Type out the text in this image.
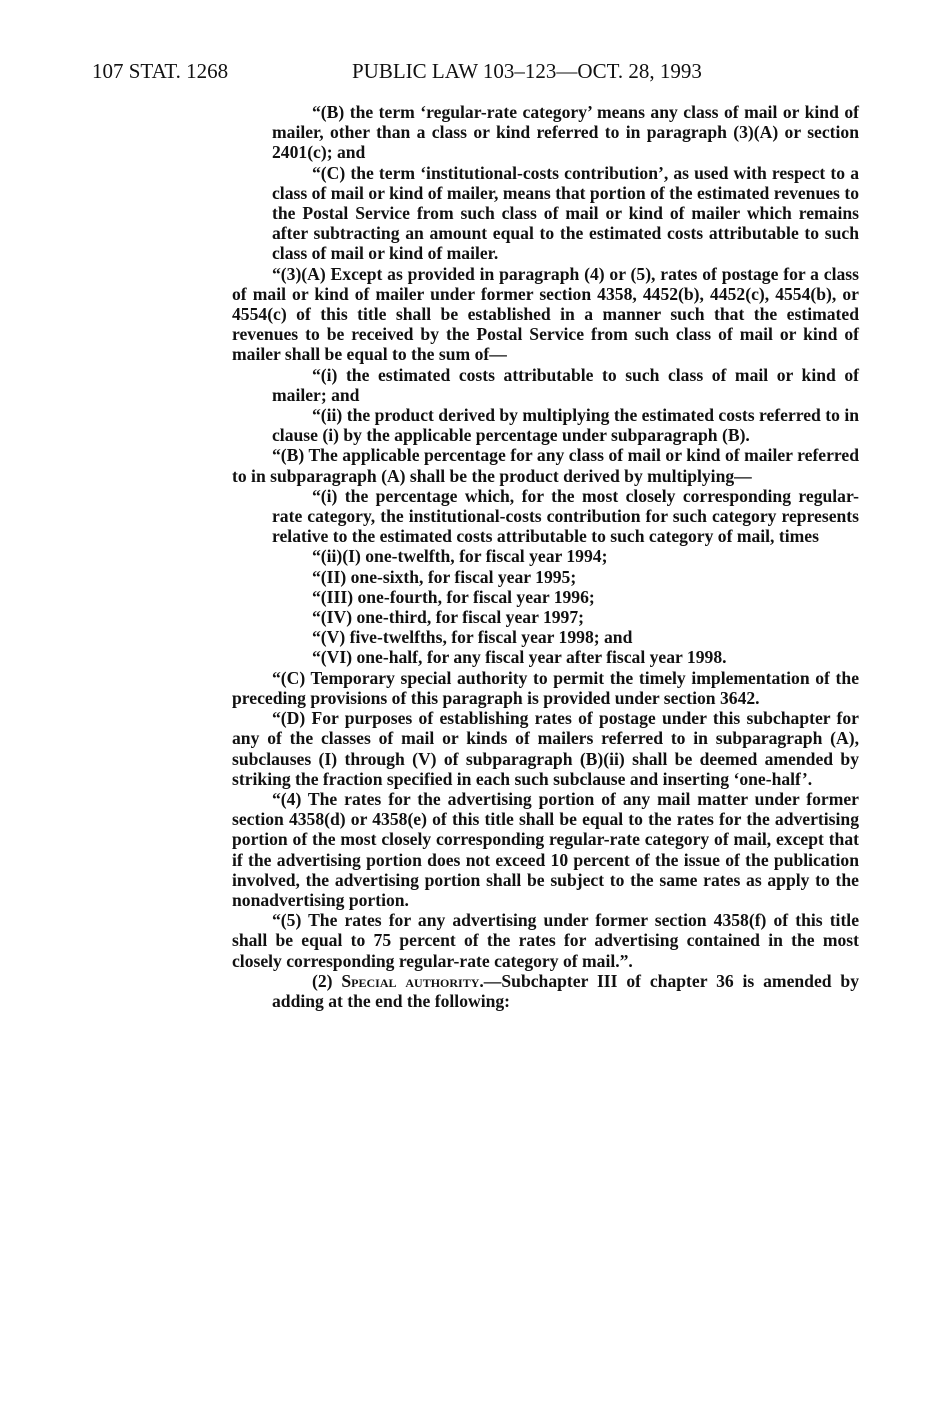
107 STAT. 1268	PUBLIC LAW 103–123—OCT. 28, 1993

“(B) the term ‘regular-rate category’ means any class of mail or kind of mailer, other than a class or kind referred to in paragraph (3)(A) or section 2401(c); and

“(C) the term ‘institutional-costs contribution’, as used with respect to a class of mail or kind of mailer, means that portion of the estimated revenues to the Postal Service from such class of mail or kind of mailer which remains after subtracting an amount equal to the estimated costs attributable to such class of mail or kind of mailer.

“(3)(A) Except as provided in paragraph (4) or (5), rates of postage for a class of mail or kind of mailer under former section 4358, 4452(b), 4452(c), 4554(b), or 4554(c) of this title shall be established in a manner such that the estimated revenues to be received by the Postal Service from such class of mail or kind of mailer shall be equal to the sum of—

“(i) the estimated costs attributable to such class of mail or kind of mailer; and

“(ii) the product derived by multiplying the estimated costs referred to in clause (i) by the applicable percentage under subparagraph (B).

“(B) The applicable percentage for any class of mail or kind of mailer referred to in subparagraph (A) shall be the product derived by multiplying—

“(i) the percentage which, for the most closely corresponding regular-rate category, the institutional-costs contribution for such category represents relative to the estimated costs attributable to such category of mail, times

“(ii)(I) one-twelfth, for fiscal year 1994;

“(II) one-sixth, for fiscal year 1995;

“(III) one-fourth, for fiscal year 1996;

“(IV) one-third, for fiscal year 1997;

“(V) five-twelfths, for fiscal year 1998; and

“(VI) one-half, for any fiscal year after fiscal year 1998.

“(C) Temporary special authority to permit the timely implementation of the preceding provisions of this paragraph is provided under section 3642.

“(D) For purposes of establishing rates of postage under this subchapter for any of the classes of mail or kinds of mailers referred to in subparagraph (A), subclauses (I) through (V) of subparagraph (B)(ii) shall be deemed amended by striking the fraction specified in each such subclause and inserting ‘one-half’.

“(4) The rates for the advertising portion of any mail matter under former section 4358(d) or 4358(e) of this title shall be equal to the rates for the advertising portion of the most closely corresponding regular-rate category of mail, except that if the advertising portion does not exceed 10 percent of the issue of the publication involved, the advertising portion shall be subject to the same rates as apply to the nonadvertising portion.

“(5) The rates for any advertising under former section 4358(f) of this title shall be equal to 75 percent of the rates for advertising contained in the most closely corresponding regular-rate category of mail.”.

(2) Special authority.—Subchapter III of chapter 36 is amended by adding at the end the following:
